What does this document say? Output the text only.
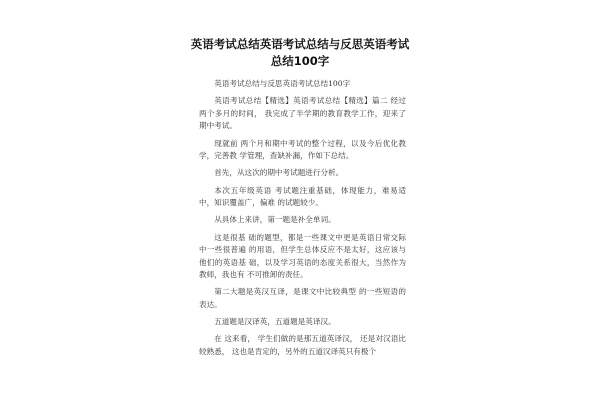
英语考试总结英语考试总结与反思英语考试总结100字

英语考试总结与反思英语考试总结100字

英语考试总结【精选】英语考试总结【精选】篇二 经过两个多月的时间， 我完成了半学期的教育教学工作，迎来了期中考试。

现就前 两个月和期中考试的整个过程，以及今后优化教学，完善教 学管理，查缺补漏，作如下总结。

首先，从这次的期中考试题进行分析。

本次五年级英语 考试题注重基础，体现能力，难易适中，知识覆盖广，偏难 的试题较少。

从具体上来讲，第一题是补全单词。

这是很基 础的题型，都是一些课文中更是英语日常交际中一些很普遍 的用语，但学生总体反应不是太好，这应该与他们的英语基 础，以及学习英语的态度关系很大，当然作为教师，我也有 不可推卸的责任。

第二大题是英汉互译，是课文中比较典型 的一些短语的表达。

五道题是汉译英，五道题是英译汉。

在 这来看， 学生们做的是那五道英译汉， 还是对汉语比较熟悉， 这也是肯定的，另外的五道汉译英只有极个
